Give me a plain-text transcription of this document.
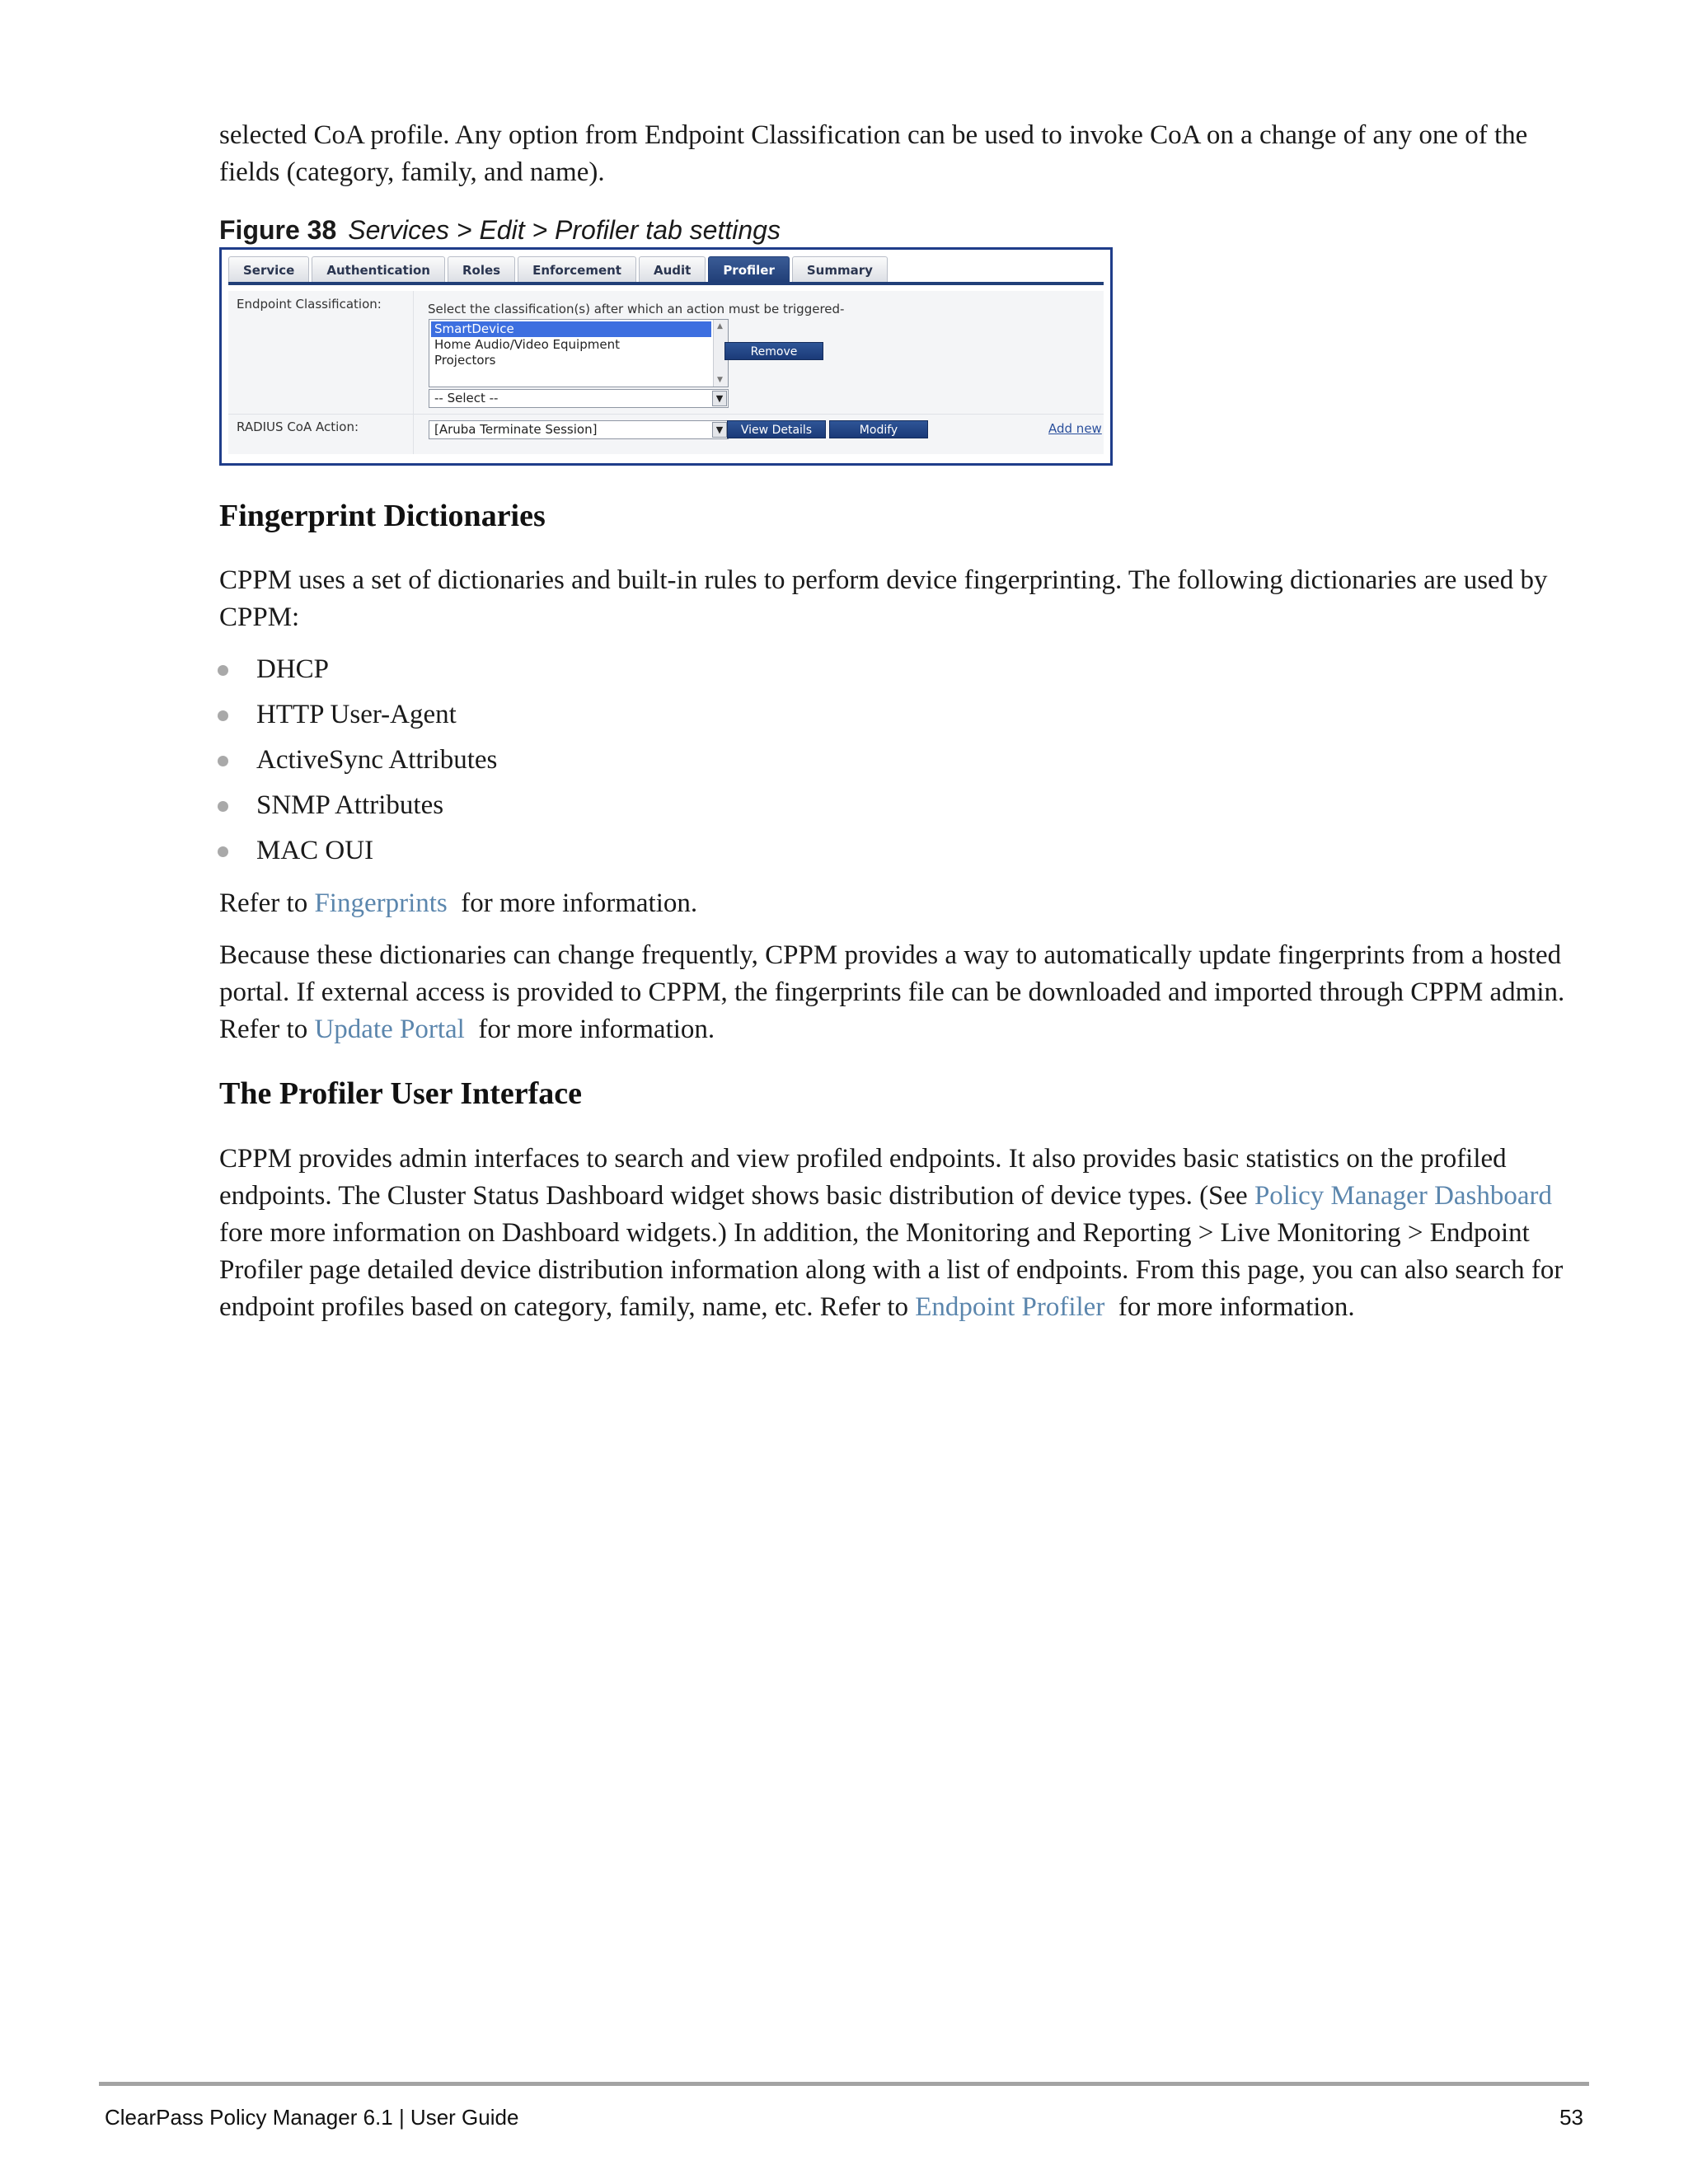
selected CoA profile. Any option from Endpoint Classification can be used to invoke CoA on a change of any one of the fields (category, family, and name).

Figure 38 Services > Edit > Profiler tab settings
Service	Authentication	Roles	Enforcement	Audit	Profiler	Summary
Endpoint Classification:	Select the classification(s) after which an action must be triggered-
SmartDevice
Home Audio/Video Equipment
Projectors
▲
▼
Remove
-- Select --	▼
RADIUS CoA Action:	[Aruba Terminate Session]	▼	View Details	Modify	Add new
Fingerprint Dictionaries

CPPM uses a set of dictionaries and built-in rules to perform device fingerprinting. The following dictionaries are used by CPPM:

DHCP
HTTP User-Agent
ActiveSync Attributes
SNMP Attributes
MAC OUI

Refer to Fingerprints  for more information.

Because these dictionaries can change frequently, CPPM provides a way to automatically update fingerprints from a hosted portal. If external access is provided to CPPM, the fingerprints file can be downloaded and imported through CPPM admin. Refer to Update Portal  for more information.

The Profiler User Interface

CPPM provides admin interfaces to search and view profiled endpoints. It also provides basic statistics on the profiled endpoints. The Cluster Status Dashboard widget shows basic distribution of device types. (See Policy Manager Dashboard  fore more information on Dashboard widgets.) In addition, the Monitoring and Reporting > Live Monitoring > Endpoint Profiler page detailed device distribution information along with a list of endpoints. From this page, you can also search for endpoint profiles based on category, family, name, etc. Refer to Endpoint Profiler  for more information.

ClearPass Policy Manager 6.1 | User Guide	53
